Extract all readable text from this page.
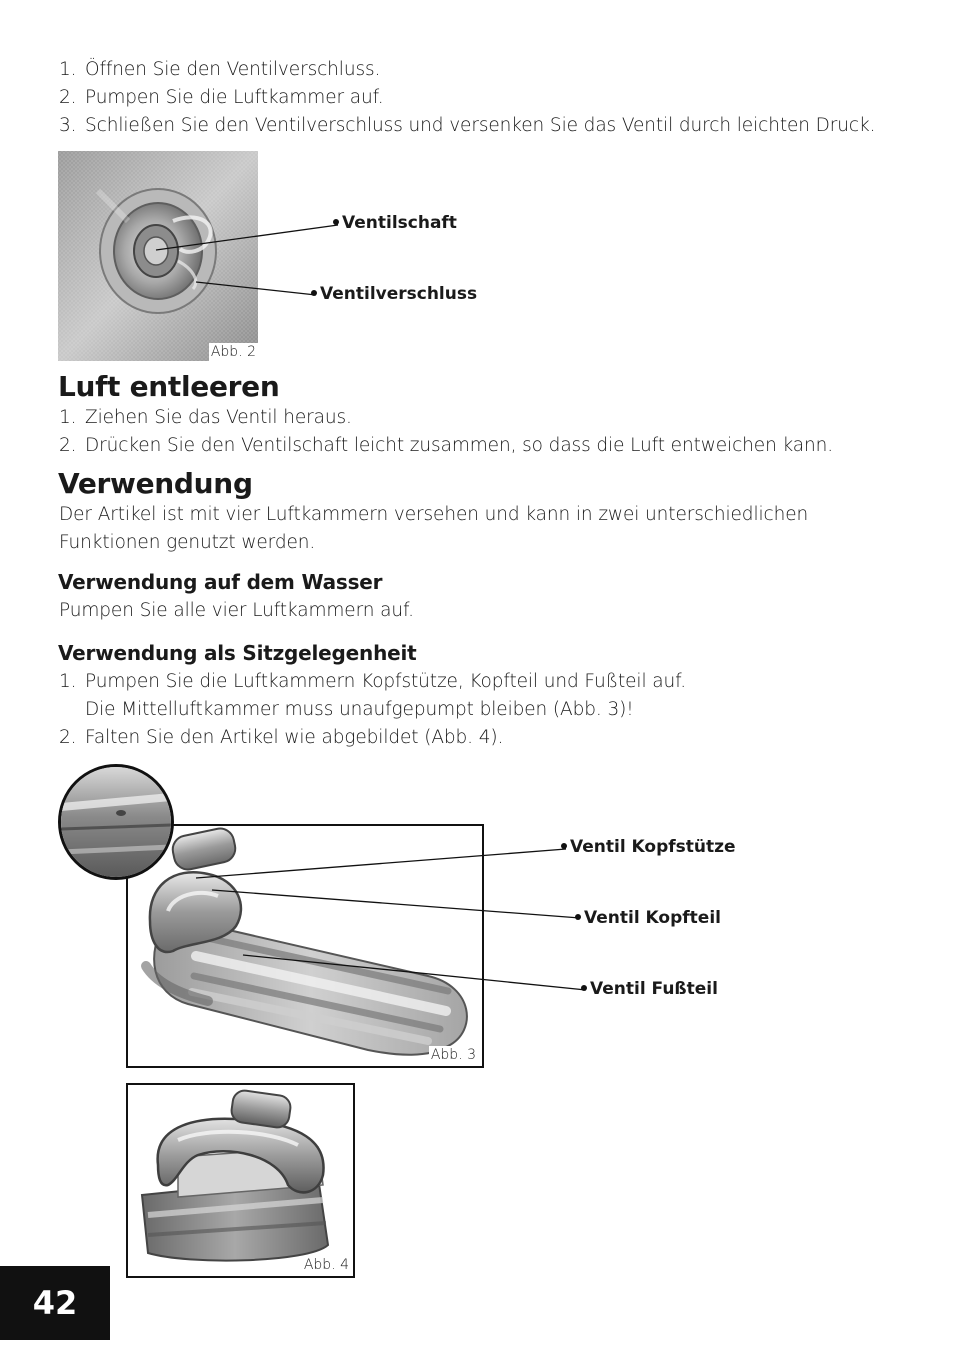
1. Öffnen Sie den Ventilverschluss.
2. Pumpen Sie die Luftkammer auf.
3. Schließen Sie den Ventilverschluss und versenken Sie das Ventil durch leichten Druck.
Abb. 2
Ventilschaft
Ventilverschluss
Luft entleeren
1. Ziehen Sie das Ventil heraus.
2. Drücken Sie den Ventilschaft leicht zusammen, so dass die Luft entweichen kann.
Verwendung
Der Artikel ist mit vier Luftkammern versehen und kann in zwei unterschiedlichen
Funktionen genutzt werden.
Verwendung auf dem Wasser
Pumpen Sie alle vier Luftkammern auf.
Verwendung als Sitzgelegenheit
1. Pumpen Sie die Luftkammern Kopfstütze, Kopfteil und Fußteil auf.
Die Mittelluftkammer muss unaufgepumpt bleiben (Abb. 3)!
2. Falten Sie den Artikel wie abgebildet (Abb. 4).
Abb. 3
Ventil Kopfstütze
Ventil Kopfteil
Ventil Fußteil
Abb. 4
42
